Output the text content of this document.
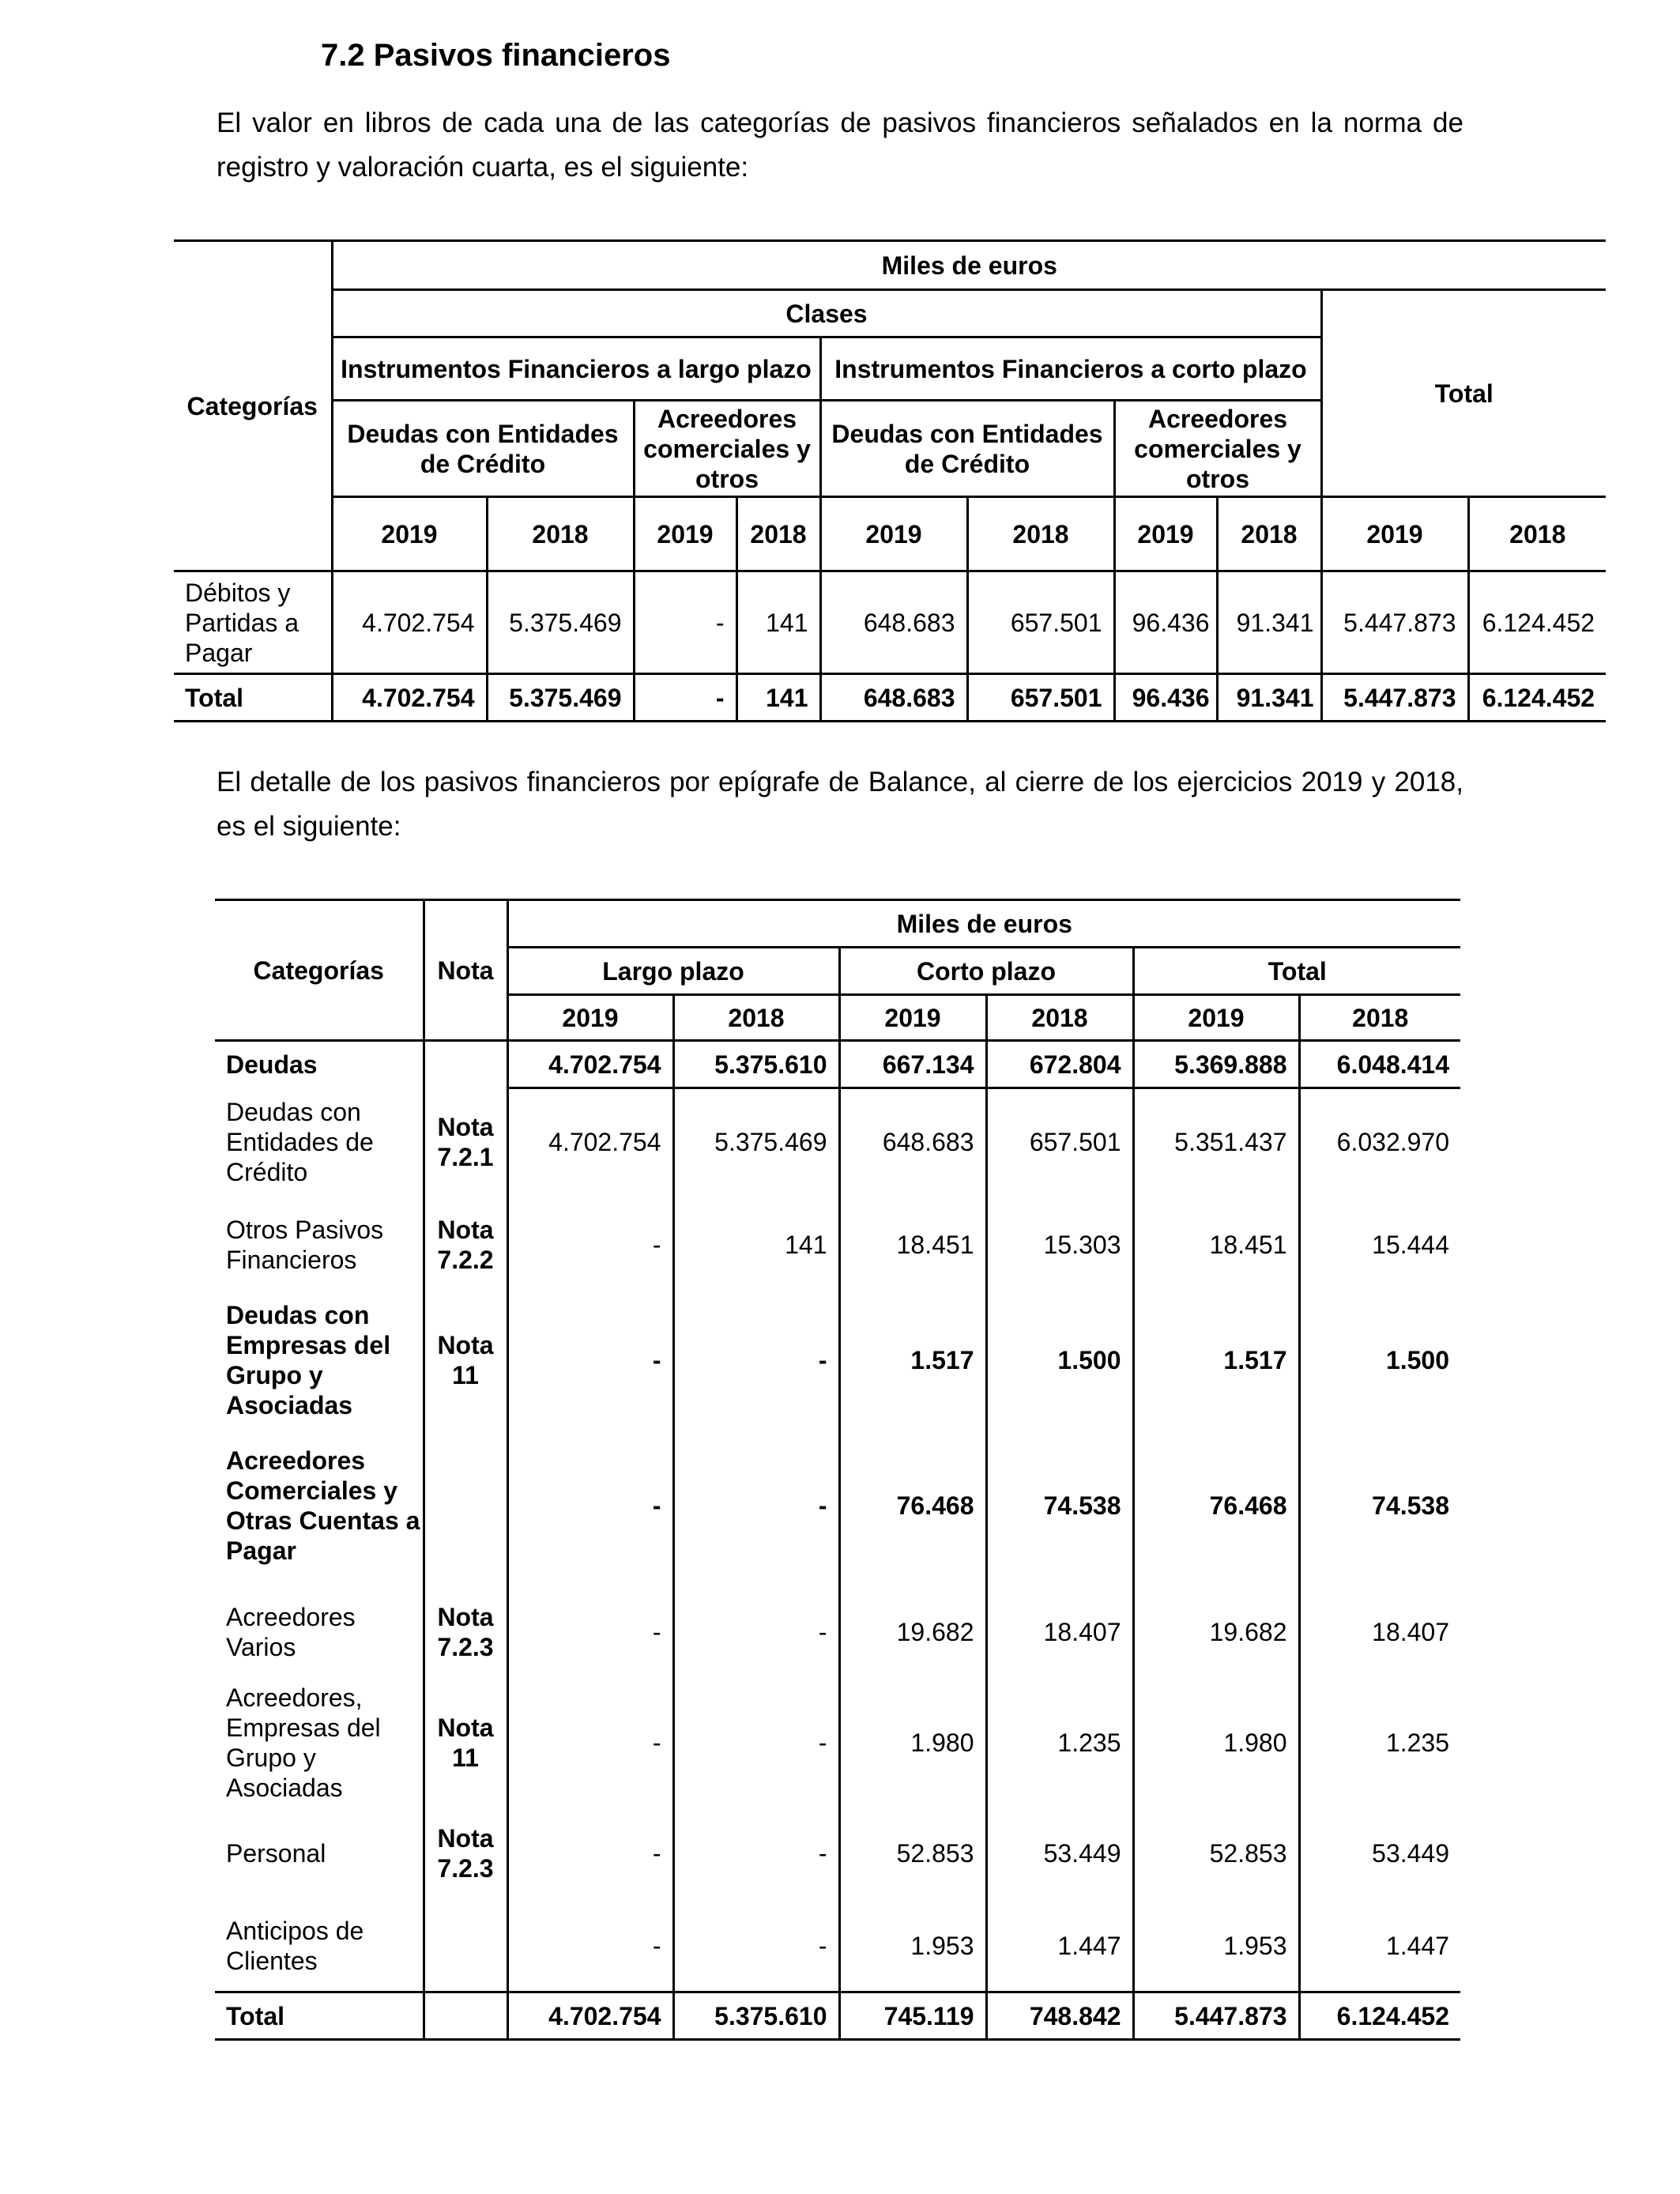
7.2 Pasivos financieros

El valor en libros de cada una de las categorías de pasivos financieros señalados en la norma de registro y valoración cuarta, es el siguiente:

El detalle de los pasivos financieros por epígrafe de Balance, al cierre de los ejercicios 2019 y 2018, es el siguiente:

Categorías	Miles de euros									
	Clases								Total	
	Instrumentos Financieros a largo plazo				Instrumentos Financieros a corto plazo					
	Deudas con Entidades de Crédito		Acreedores comerciales y otros		Deudas con Entidades de Crédito		Acreedores comerciales y otros			
	2019	2018	2019	2018	2019	2018	2019	2018	2019	2018
Débitos y Partidas a Pagar	4.702.754	5.375.469	-	141	648.683	657.501	96.436	91.341	5.447.873	6.124.452
Total	4.702.754	5.375.469	-	141	648.683	657.501	96.436	91.341	5.447.873	6.124.452
Categorías	Nota	Miles de euros					
		Largo plazo		Corto plazo		Total	
		2019	2018	2019	2018	2019	2018
Deudas		4.702.754	5.375.610	667.134	672.804	5.369.888	6.048.414
Deudas con Entidades de Crédito	Nota 7.2.1	4.702.754	5.375.469	648.683	657.501	5.351.437	6.032.970
Otros Pasivos Financieros	Nota 7.2.2	-	141	18.451	15.303	18.451	15.444
Deudas con Empresas del Grupo y Asociadas	Nota 11	-	-	1.517	1.500	1.517	1.500
Acreedores Comerciales y Otras Cuentas a Pagar		-	-	76.468	74.538	76.468	74.538
Acreedores Varios	Nota 7.2.3	-	-	19.682	18.407	19.682	18.407
Acreedores, Empresas del Grupo y Asociadas	Nota 11	-	-	1.980	1.235	1.980	1.235
Personal	Nota 7.2.3	-	-	52.853	53.449	52.853	53.449
Anticipos de Clientes		-	-	1.953	1.447	1.953	1.447
Total		4.702.754	5.375.610	745.119	748.842	5.447.873	6.124.452
